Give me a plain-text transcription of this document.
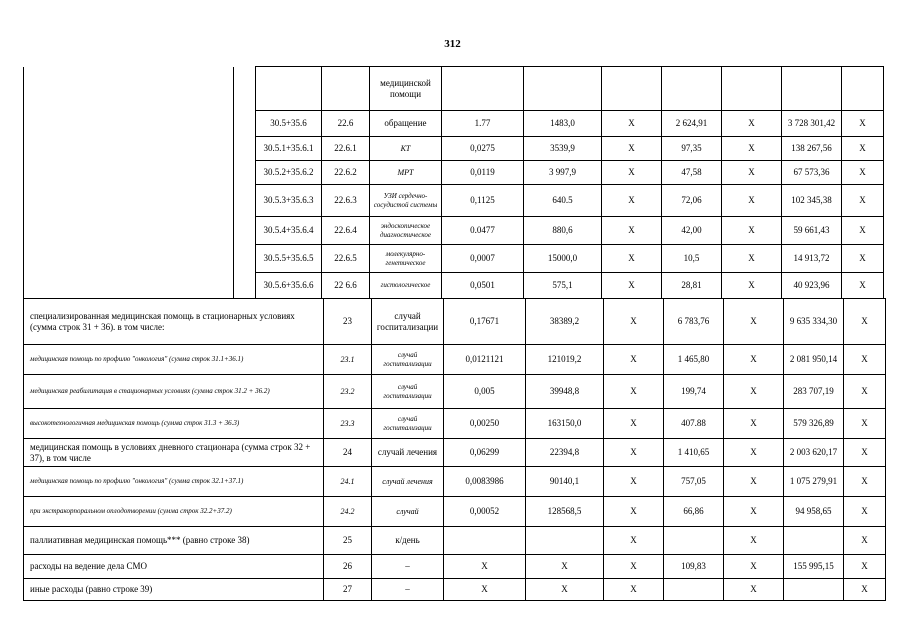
312
				медицинской помощи							
		30.5+35.6	22.6	обращение	1.77	1483,0	Х	2 624,91	Х	3 728 301,42	Х
		30.5.1+35.6.1	22.6.1	КТ	0,0275	3539,9	Х	97,35	Х	138 267,56	Х
		30.5.2+35.6.2	22.6.2	МРТ	0,0119	3 997,9	Х	47,58	Х	67 573,36	Х
		30.5.3+35.6.3	22.6.3	УЗИ сердечно-сосудистой системы	0,1125	640.5	Х	72,06	Х	102 345,38	Х
		30.5.4+35.6.4	22.6.4	эндоскопическое диагностическое	0.0477	880,6	Х	42,00	Х	59 661,43	Х
		30.5.5+35.6.5	22.6.5	молекулярно-генетическое	0,0007	15000,0	Х	10,5	Х	14 913,72	Х
		30.5.6+35.6.6	22 6.6	гистологическое	0,0501	575,1	Х	28,81	Х	40 923,96	Х
специализированная медицинская помощь в стационарных условиях (сумма строк 31 + 36). в том числе:	23	случай госпитализации	0,17671	38389,2	Х	6 783,76	Х	9 635 334,30	Х
медицинская помощь по профилю "онкология" (сумма строк 31.1+36.1)	23.1	случай госпитализации	0,0121121	121019,2	Х	1 465,80	Х	2 081 950,14	Х
медицинская реабилитация в стационарных условиях (сумма строк 31.2 + 36.2)	23.2	случай госпитализации	0,005	39948,8	Х	199,74	Х	283 707,19	Х
высокотехнологичная медицинская помощь (сумма строк 31.3 + 36.3)	23.3	случай госпитализации	0,00250	163150,0	Х	407.88	Х	579 326,89	Х
медицинская помощь в условиях дневного стационара (сумма строк 32 + 37), в том числе	24	случай лечения	0,06299	22394,8	Х	1 410,65	Х	2 003 620,17	Х
медицинская помощь по профилю "онкология" (сумма строк 32.1+37.1)	24.1	случай лечения	0,0083986	90140,1	Х	757,05	Х	1 075 279,91	Х
при экстракорпоральном оплодотворении (сумма строк 32.2+37.2)	24.2	случай	0,00052	128568,5	Х	66,86	Х	94 958,65	Х
паллиативная медицинская помощь*** (равно строке 38)	25	к/день			Х		Х		Х
расходы на ведение дела СМО	26	–	Х	Х	Х	109,83	Х	155 995,15	Х
иные расходы (равно строке 39)	27	–	Х	Х	Х		Х		Х
